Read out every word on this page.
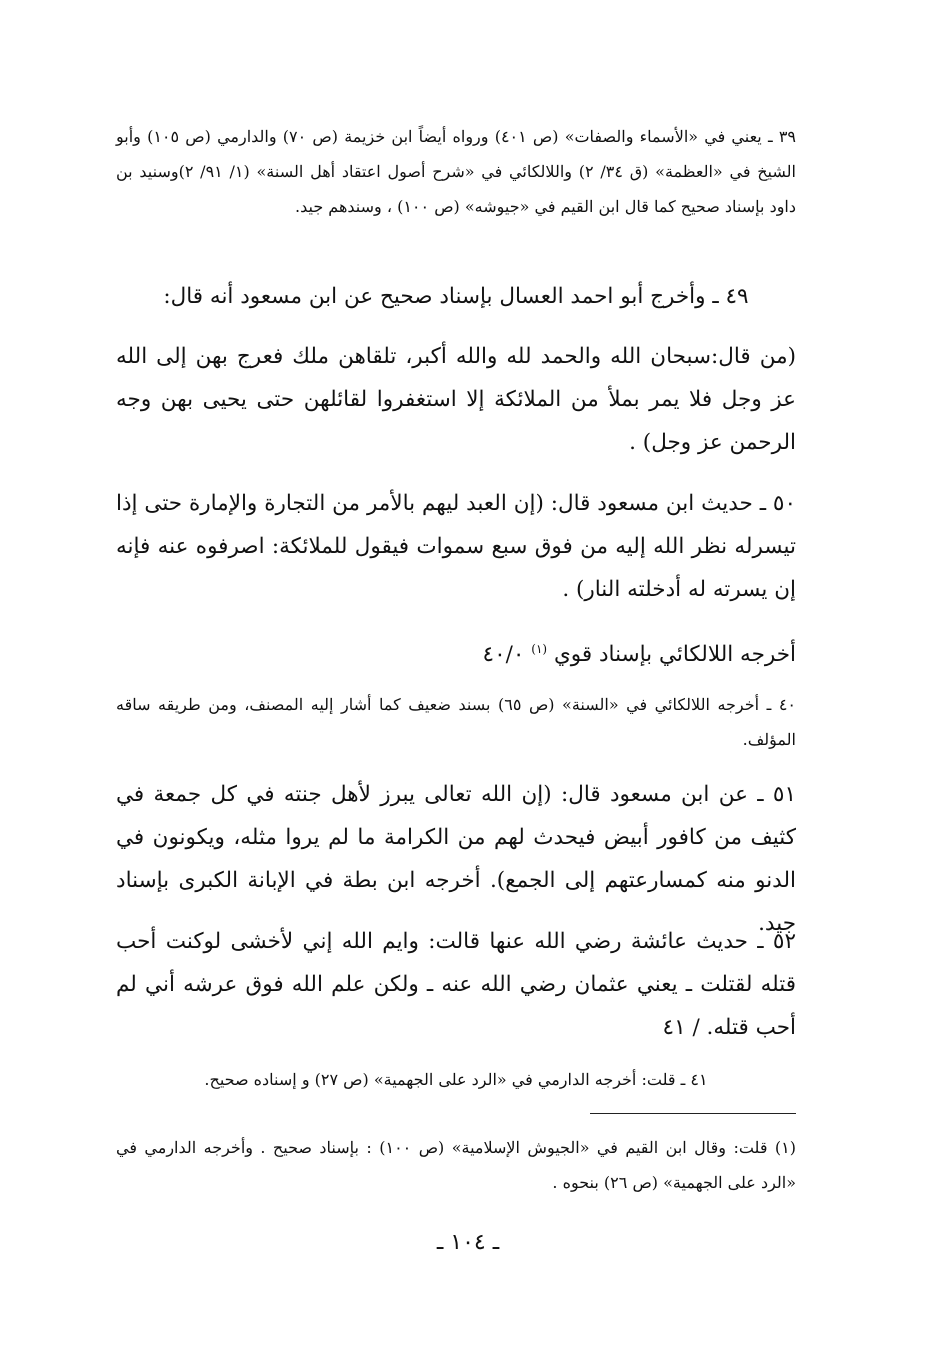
٣٩ ـ يعني في «الأسماء والصفات» (ص ٤٠١) ورواه أيضاً ابن خزيمة (ص ٧٠) والدارمي (ص ١٠٥) وأبو الشيخ في «العظمة» (ق ٣٤/ ٢) واللالكائي في «شرح أصول اعتقاد أهل السنة» (١/ ٩١/ ٢)وسنيد بن داود بإسناد صحيح كما قال ابن القيم في «جيوشه» (ص ١٠٠) ، وسندهم جيد.

٤٩ ـ وأخرج أبو احمد العسال بإسناد صحيح عن ابن مسعود أنه قال:

(من قال:سبحان الله والحمد لله والله أكبر، تلقاهن ملك فعرج بهن إلى الله عز وجل فلا يمر بملأ من الملائكة إلا استغفروا لقائلهن حتى يحيى بهن وجه الرحمن عز وجل) .

٥٠ ـ حديث ابن مسعود قال: (إن العبد ليهم بالأمر من التجارة والإمارة حتى إذا تيسرله نظر الله إليه من فوق سبع سموات فيقول للملائكة: اصرفوه عنه فإنه إن يسرته له أدخلته النار) .

أخرجه اللالكائي بإسناد قوي $^{(١)}$ ٤٠/٠

٤٠ ـ أخرجه اللالكائي في «السنة» (ص ٦٥) بسند ضعيف كما أشار إليه المصنف، ومن طريقه ساقه المؤلف.

٥١ ـ عن ابن مسعود قال: (إن الله تعالى يبرز لأهل جنته في كل جمعة في كثيف من كافور أبيض فيحدث لهم من الكرامة ما لم يروا مثله، ويكونون في الدنو منه كمسارعتهم إلى الجمع). أخرجه ابن بطة في الإبانة الكبرى بإسناد جيد.

٥٢ ـ حديث عائشة رضي الله عنها قالت: وايم الله إني لأخشى لوكنت أحب قتله لقتلت ـ يعني عثمان رضي الله عنه ـ ولكن علم الله فوق عرشه أني لم أحب قتله. / ٤١

٤١ ـ قلت: أخرجه الدارمي في «الرد على الجهمية» (ص ٢٧) و إسناده صحيح.

(١) قلت: وقال ابن القيم في «الجيوش الإسلامية» (ص ١٠٠) : بإسناد صحيح . وأخرجه الدارمي في «الرد على الجهمية» (ص ٢٦) بنحوه .

ـ ١٠٤ ـ
